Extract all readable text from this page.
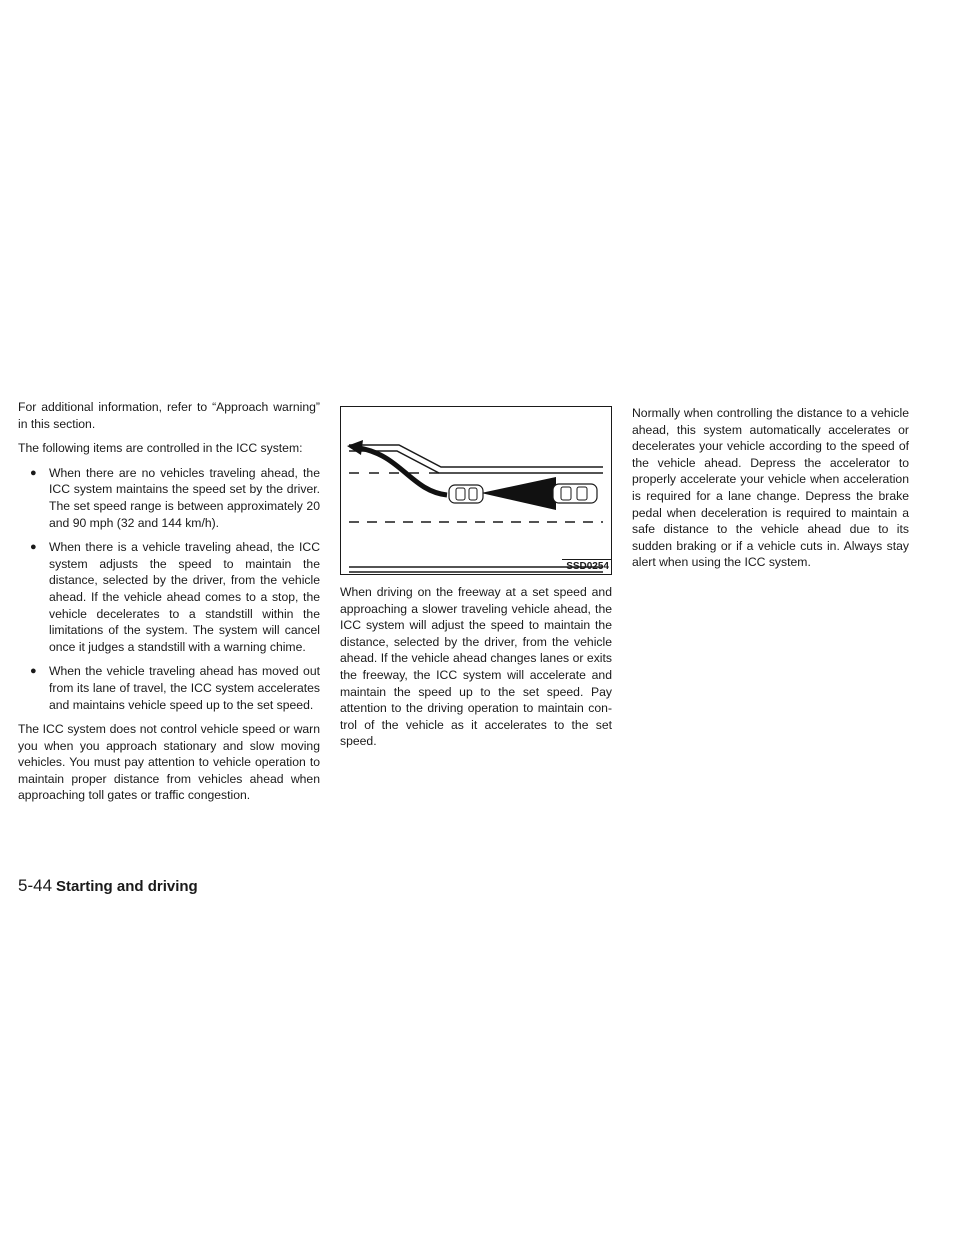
For additional information, refer to “Approach warning” in this section.

The following items are controlled in the ICC system:

● When there are no vehicles traveling ahead, the ICC system maintains the speed set by the driver. The set speed range is between approximately 20 and 90 mph (32 and 144 km/h).
● When there is a vehicle traveling ahead, the ICC system adjusts the speed to maintain the distance, selected by the driver, from the vehicle ahead. If the vehicle ahead comes to a stop, the vehicle decelerates to a standstill within the limitations of the system. The system will cancel once it judges a standstill with a warning chime.
● When the vehicle traveling ahead has moved out from its lane of travel, the ICC system accelerates and maintains vehicle speed up to the set speed.

The ICC system does not control vehicle speed or warn you when you approach stationary and slow moving vehicles. You must pay attention to vehicle operation to maintain proper distance from vehicles ahead when approaching toll gates or traffic congestion.

SSD0254

When driving on the freeway at a set speed and approaching a slower traveling vehicle ahead, the ICC system will adjust the speed to maintain the distance, selected by the driver, from the vehicle ahead. If the vehicle ahead changes lanes or exits the freeway, the ICC system will accelerate and maintain the speed up to the set speed. Pay attention to the driving operation to maintain control of the vehicle as it accelerates to the set speed.

Normally when controlling the distance to a vehicle ahead, this system automatically accelerates or decelerates your vehicle according to the speed of the vehicle ahead. Depress the accelerator to properly accelerate your vehicle when acceleration is required for a lane change. Depress the brake pedal when deceleration is required to maintain a safe distance to the vehicle ahead due to its sudden braking or if a vehicle cuts in. Always stay alert when using the ICC system.

5-44 Starting and driving
